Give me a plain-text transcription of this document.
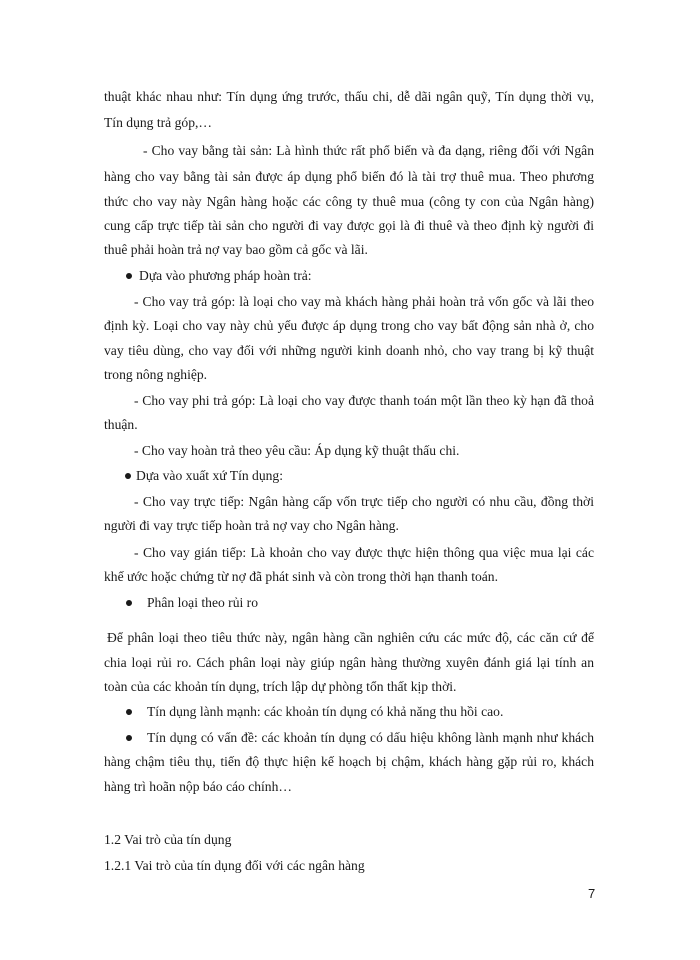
thuật khác nhau như: Tín dụng ứng trước, thấu chi, dễ dãi ngân quỹ, Tín dụng thời vụ,
Tín dụng trả góp,…
- Cho vay bằng tài sản: Là hình thức rất phổ biến và đa dạng, riêng đối với Ngân
hàng cho vay bằng tài sản được áp dụng phổ biến đó là tài trợ thuê mua. Theo phương
thức cho vay này Ngân hàng hoặc các công ty thuê mua (công ty con của Ngân hàng)
cung cấp trực tiếp tài sản cho người đi vay được gọi là đi thuê và theo định kỳ người đi
thuê phải hoàn trả nợ vay bao gồm cả gốc và lãi.
Dựa vào phương pháp hoàn trả:
- Cho vay trả góp: là loại cho vay mà khách hàng phải hoàn trả vốn gốc và lãi theo
định kỳ. Loại cho vay này chủ yếu được áp dụng trong cho vay bất động sản nhà ở, cho
vay tiêu dùng, cho vay đối với những người kinh doanh nhỏ, cho vay trang bị kỹ thuật
trong nông nghiệp.
- Cho vay phi trả góp: Là loại cho vay được thanh toán một lần theo kỳ hạn đã thoả
thuận.
- Cho vay hoàn trả theo yêu cầu: Áp dụng kỹ thuật thấu chi.
Dựa vào xuất xứ Tín dụng:
- Cho vay trực tiếp: Ngân hàng cấp vốn trực tiếp cho người có nhu cầu, đồng thời
người đi vay trực tiếp hoàn trả nợ vay cho Ngân hàng.
- Cho vay gián tiếp: Là khoản cho vay được thực hiện thông qua việc mua lại các
khế ước hoặc chứng từ nợ đã phát sinh và còn trong thời hạn thanh toán.
Phân loại theo rủi ro
Để phân loại theo tiêu thức này, ngân hàng cần nghiên cứu các mức độ, các căn cứ để
chia loại rủi ro. Cách phân loại này giúp ngân hàng thường xuyên đánh giá lại tính an
toàn của các khoản tín dụng, trích lập dự phòng tổn thất kịp thời.
Tín dụng lành mạnh: các khoản tín dụng có khả năng thu hồi cao.
Tín dụng có vấn đề: các khoản tín dụng có dấu hiệu không lành mạnh như khách
hàng chậm tiêu thụ, tiến độ thực hiện kế hoạch bị chậm, khách hàng gặp rủi ro, khách
hàng trì hoãn nộp báo cáo chính…
1.2 Vai trò của tín dụng
1.2.1 Vai trò của tín dụng đối với các ngân hàng
7
